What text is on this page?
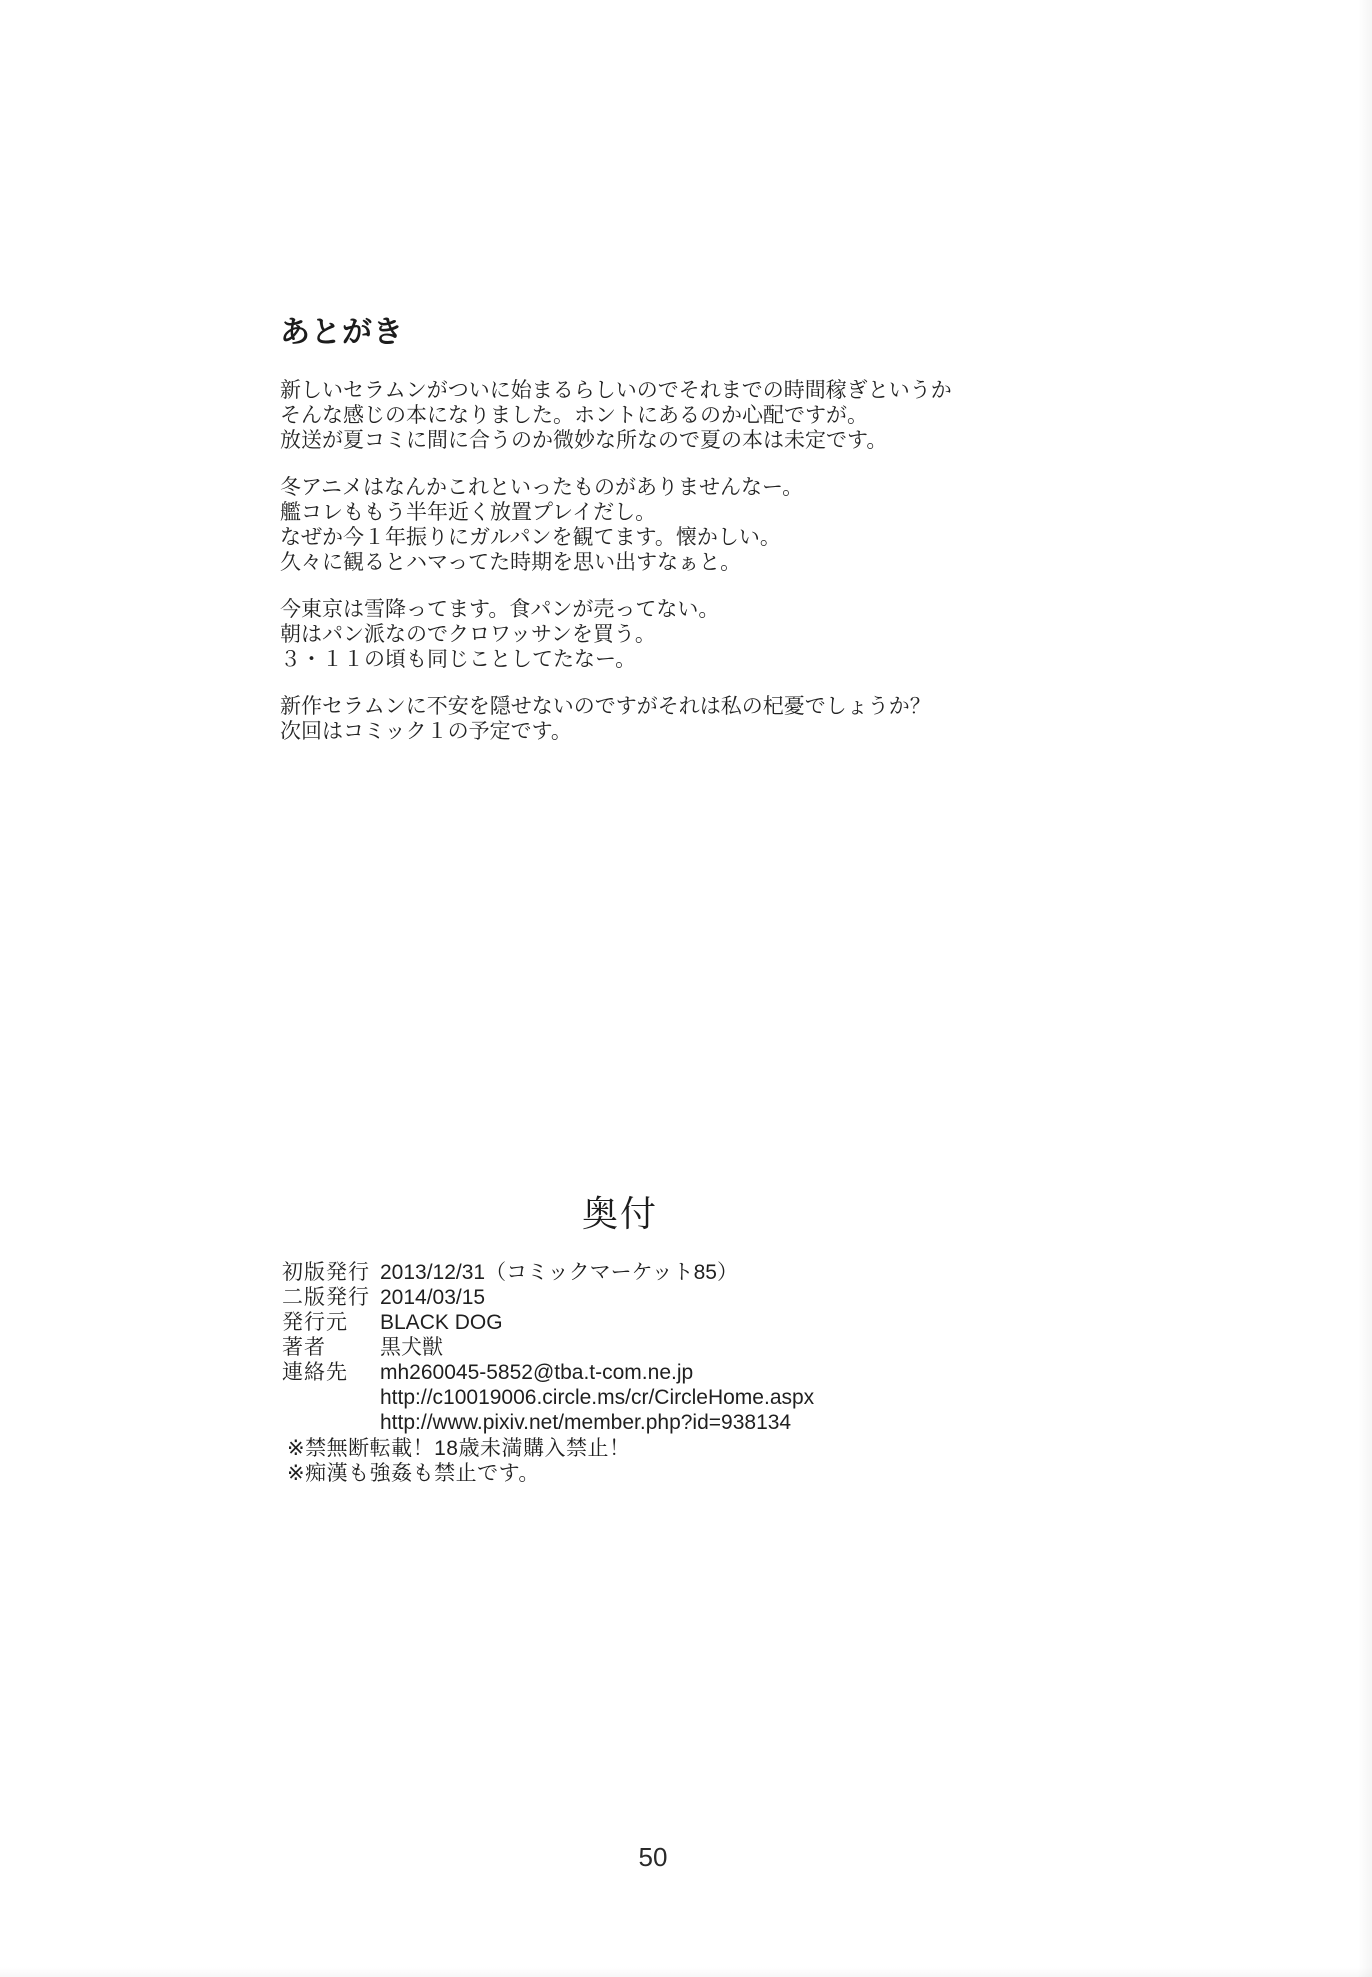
あとがき
新しいセラムンがついに始まるらしいのでそれまでの時間稼ぎというか
そんな感じの本になりました。ホントにあるのか心配ですが。
放送が夏コミに間に合うのか微妙な所なので夏の本は未定です。
冬アニメはなんかこれといったものがありませんなー。
艦コレももう半年近く放置プレイだし。
なぜか今１年振りにガルパンを観てます。懐かしい。
久々に観るとハマってた時期を思い出すなぁと。
今東京は雪降ってます。食パンが売ってない。
朝はパン派なのでクロワッサンを買う。
３・１１の頃も同じことしてたなー。
新作セラムンに不安を隠せないのですがそれは私の杞憂でしょうか？
次回はコミック１の予定です。
奥付
初版発行 2013/12/31（コミックマーケット85）
二版発行 2014/03/15
発行元	BLACK DOG
著者	黒犬獣
連絡先	mh260045-5852@tba.t-com.ne.jp
http://c10019006.circle.ms/cr/CircleHome.aspx
http://www.pixiv.net/member.php?id=938134
※禁無断転載！18歳未満購入禁止！
※痴漢も強姦も禁止です。
50
